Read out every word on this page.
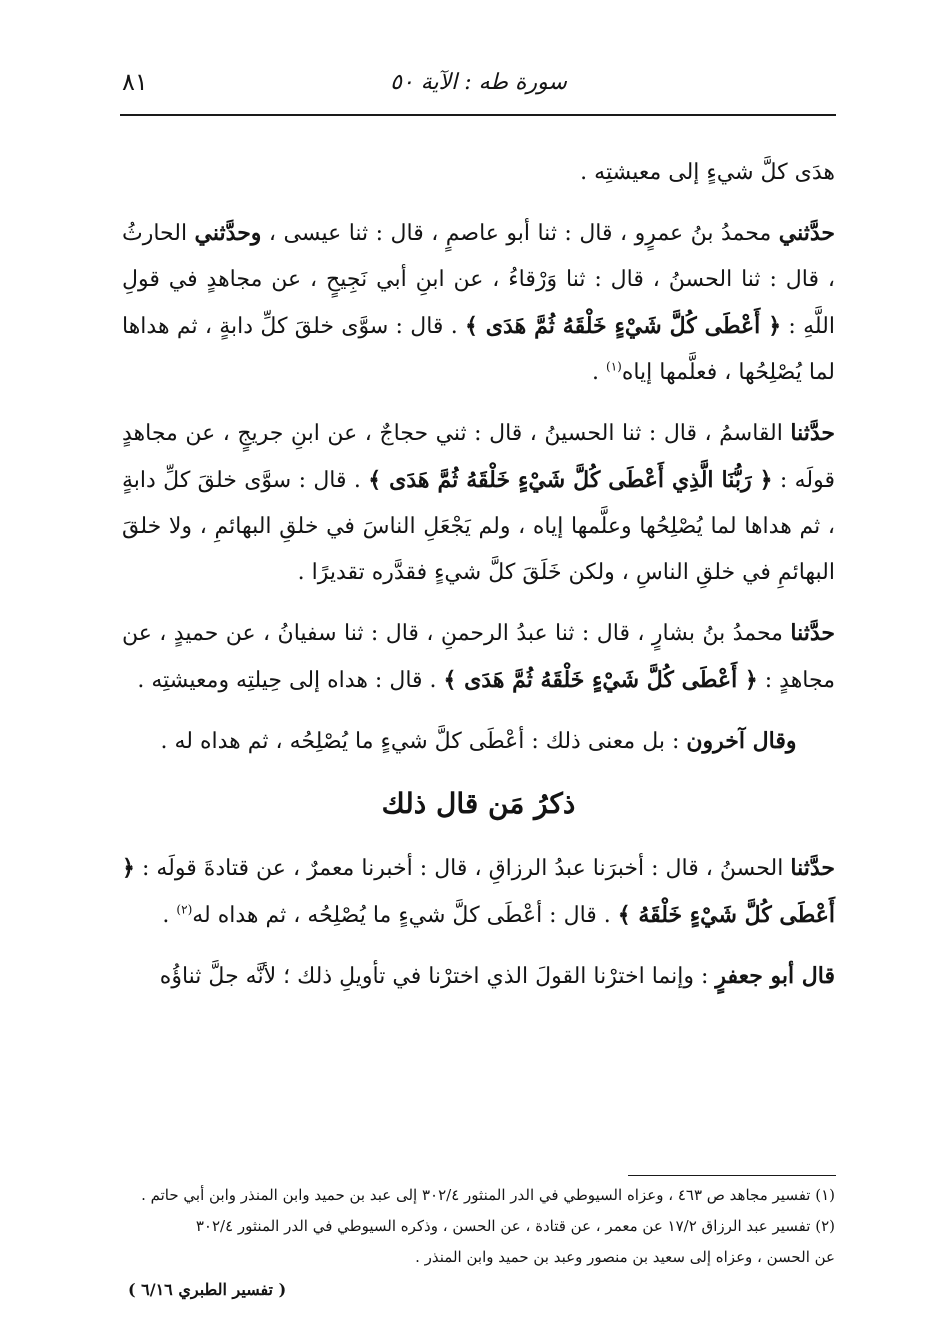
سورة طه : الآية ٥٠
٨١

هدَى كلَّ شيءٍ إلى معيشتِه .

حدَّثني محمدُ بنُ عمرٍو ، قال : ثنا أبو عاصمٍ ، قال : ثنا عيسى ، وحدَّثني الحارثُ ، قال : ثنا الحسنُ ، قال : ثنا وَرْقاءُ ، عن ابنِ أبي نَجِيحٍ ، عن مجاهدٍ في قولِ اللَّهِ : ﴿ أَعْطَى كُلَّ شَيْءٍ خَلْقَهُ ثُمَّ هَدَى ﴾ . قال : سوَّى خلقَ كلِّ دابةٍ ، ثم هداها لما يُصْلِحُها ، فعلَّمها إياه$^{(١)}$ .

حدَّثنا القاسمُ ، قال : ثنا الحسينُ ، قال : ثني حجاجٌ ، عن ابنِ جريجٍ ، عن مجاهدٍ قولَه : ﴿ رَبُّنَا الَّذِي أَعْطَى كُلَّ شَيْءٍ خَلْقَهُ ثُمَّ هَدَى ﴾ . قال : سوَّى خلقَ كلِّ دابةٍ ، ثم هداها لما يُصْلِحُها وعلَّمها إياه ، ولم يَجْعَلِ الناسَ في خلقِ البهائمِ ، ولا خلقَ البهائمِ في خلقِ الناسِ ، ولكن خَلَقَ كلَّ شيءٍ فقدَّره تقديرًا .

حدَّثنا محمدُ بنُ بشارٍ ، قال : ثنا عبدُ الرحمنِ ، قال : ثنا سفيانُ ، عن حميدٍ ، عن مجاهدٍ : ﴿ أَعْطَى كُلَّ شَيْءٍ خَلْقَهُ ثُمَّ هَدَى ﴾ . قال : هداه إلى حِيلتِه ومعيشتِه .

وقال آخرون : بل معنى ذلك : أعْطَى كلَّ شيءٍ ما يُصْلِحُه ، ثم هداه له .

ذكرُ مَن قال ذلك

حدَّثنا الحسنُ ، قال : أخبرَنا عبدُ الرزاقِ ، قال : أخبرنا معمرٌ ، عن قتادةَ قولَه : ﴿ أَعْطَى كُلَّ شَيْءٍ خَلْقَهُ ﴾ . قال : أعْطَى كلَّ شيءٍ ما يُصْلِحُه ، ثم هداه له$^{(٢)}$ .

قال أبو جعفرٍ : وإنما اخترْنا القولَ الذي اخترْنا في تأويلِ ذلك ؛ لأنَّه جلَّ ثناؤُه

(١) تفسير مجاهد ص ٤٦٣ ، وعزاه السيوطي في الدر المنثور ٣٠٢/٤ إلى عبد بن حميد وابن المنذر وابن أبي حاتم .

(٢) تفسير عبد الرزاق ١٧/٢ عن معمر ، عن قتادة ، عن الحسن ، وذكره السيوطي في الدر المنثور ٣٠٢/٤

عن الحسن ، وعزاه إلى سعيد بن منصور وعبد بن حميد وابن المنذر .

( تفسير الطبري ٦/١٦ )
